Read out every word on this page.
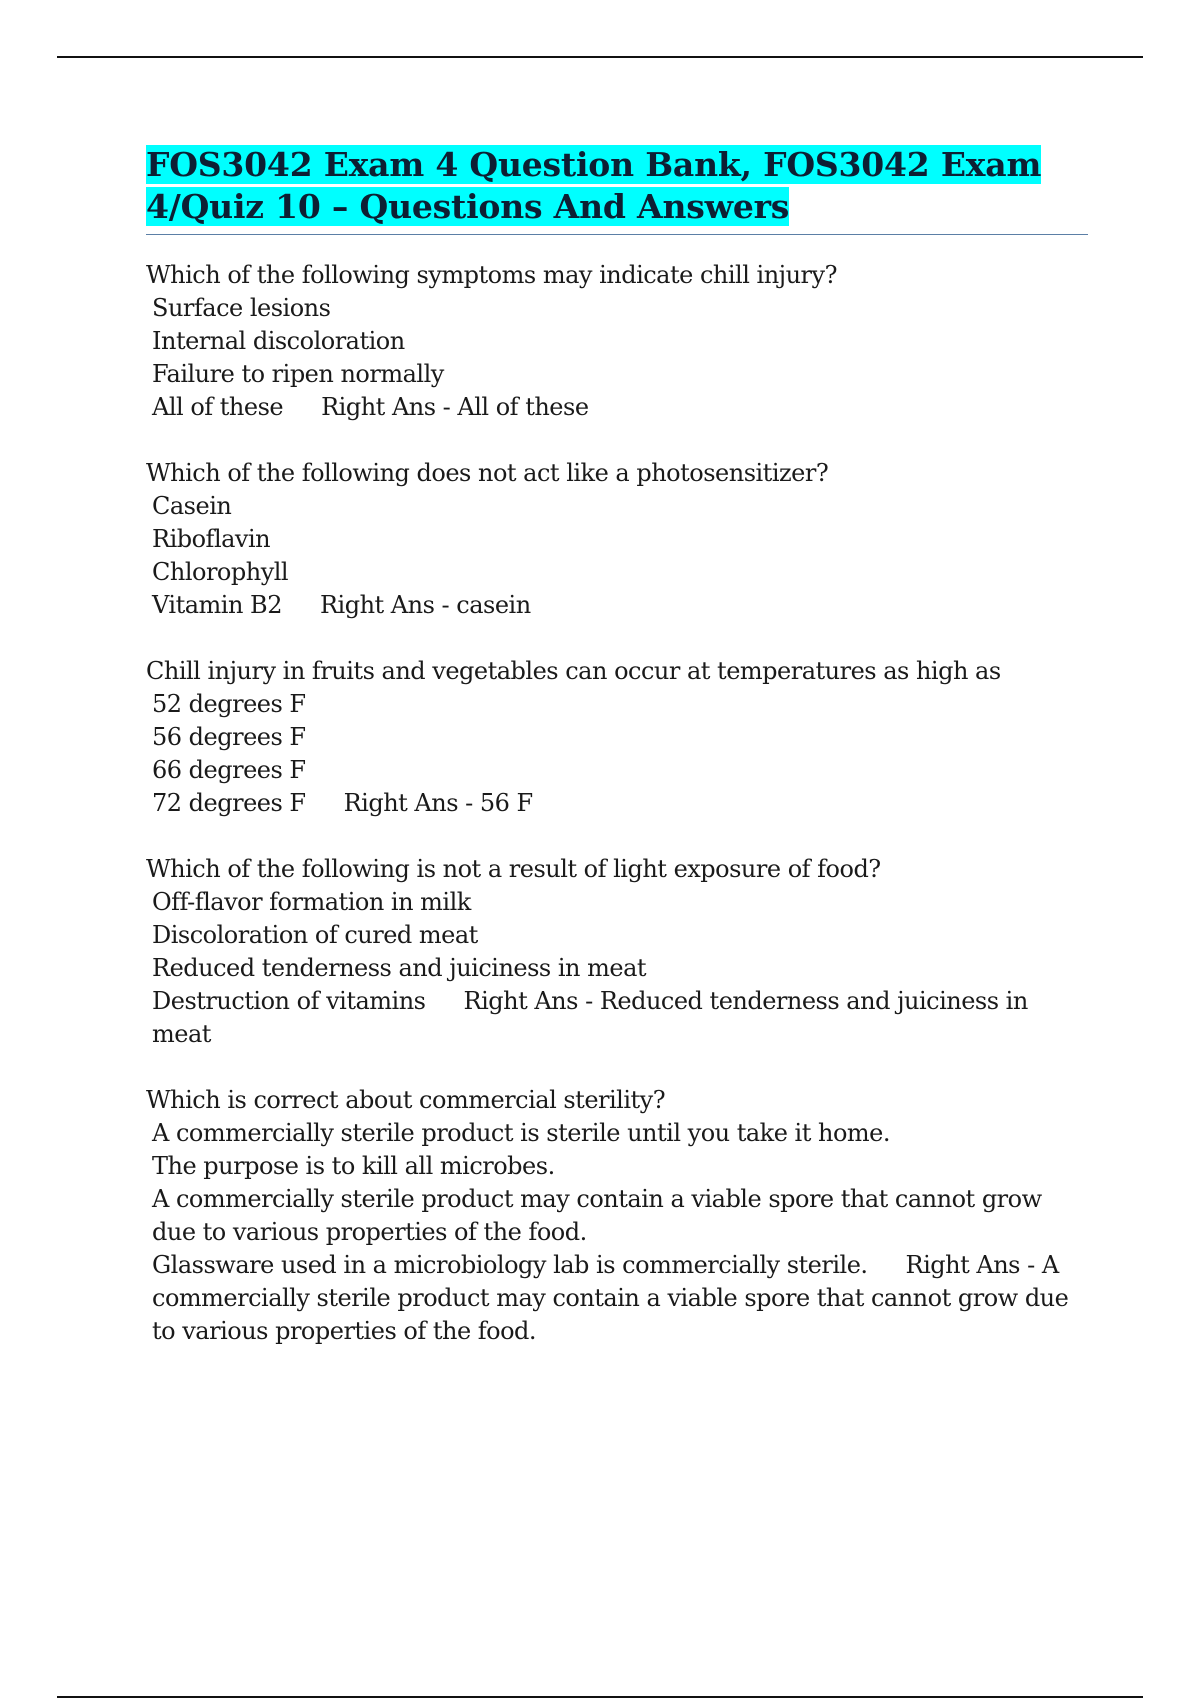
FOS3042 Exam 4 Question Bank, FOS3042 Exam 4/Quiz 10 – Questions And Answers
Which of the following symptoms may indicate chill injury?
Surface lesions
Internal discoloration
Failure to ripen normally
All of these Right Ans - All of these
Which of the following does not act like a photosensitizer?
Casein
Riboflavin
Chlorophyll
Vitamin B2 Right Ans - casein
Chill injury in fruits and vegetables can occur at temperatures as high as
52 degrees F
56 degrees F
66 degrees F
72 degrees F Right Ans - 56 F
Which of the following is not a result of light exposure of food?
Off-flavor formation in milk
Discoloration of cured meat
Reduced tenderness and juiciness in meat
Destruction of vitamins Right Ans - Reduced tenderness and juiciness in meat
Which is correct about commercial sterility?
A commercially sterile product is sterile until you take it home.
The purpose is to kill all microbes.
A commercially sterile product may contain a viable spore that cannot grow due to various properties of the food.
Glassware used in a microbiology lab is commercially sterile. Right Ans - A commercially sterile product may contain a viable spore that cannot grow due to various properties of the food.
